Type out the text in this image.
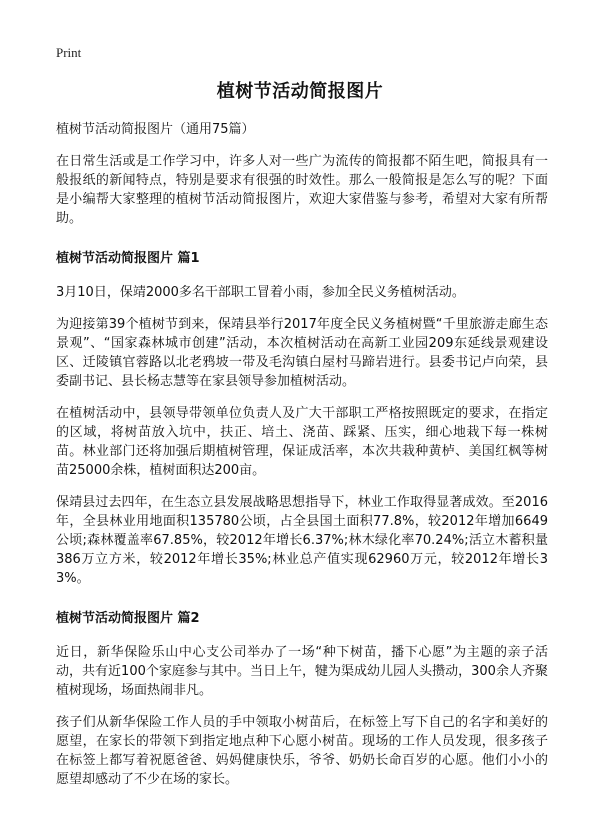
Print

植树节活动简报图片

植树节活动简报图片（通用75篇）

在日常生活或是工作学习中，许多人对一些广为流传的简报都不陌生吧，简报具有一般报纸的新闻特点，特别是要求有很强的时效性。那么一般简报是怎么写的呢？下面是小编帮大家整理的植树节活动简报图片，欢迎大家借鉴与参考，希望对大家有所帮助。

植树节活动简报图片 篇1

3月10日，保靖2000多名干部职工冒着小雨，参加全民义务植树活动。

为迎接第39个植树节到来，保靖县举行2017年度全民义务植树暨“千里旅游走廊生态景观”、“国家森林城市创建”活动，本次植树活动在高新工业园209东延线景观建设区、迁陵镇官蓉路以北老鸦坡一带及毛沟镇白屋村马蹄岩进行。县委书记卢向荣，县委副书记、县长杨志慧等在家县领导参加植树活动。

在植树活动中，县领导带领单位负责人及广大干部职工严格按照既定的要求，在指定的区域，将树苗放入坑中，扶正、培土、浇苗、踩紧、压实，细心地栽下每一株树苗。林业部门还将加强后期植树管理，保证成活率，本次共栽种黄栌、美国红枫等树苗25000余株，植树面积达200亩。

保靖县过去四年，在生态立县发展战略思想指导下，林业工作取得显著成效。至2016年，全县林业用地面积135780公顷，占全县国土面积77.8%，较2012年增加6649公顷;森林覆盖率67.85%，较2012年增长6.37%;林木绿化率70.24%;活立木蓄积量386万立方米，较2012年增长35%;林业总产值实现62960万元，较2012年增长33%。

植树节活动简报图片 篇2

近日，新华保险乐山中心支公司举办了一场“种下树苗，播下心愿”为主题的亲子活动，共有近100个家庭参与其中。当日上午，犍为渠成幼儿园人头攒动，300余人齐聚植树现场，场面热闹非凡。

孩子们从新华保险工作人员的手中领取小树苗后，在标签上写下自己的名字和美好的愿望，在家长的带领下到指定地点种下心愿小树苗。现场的工作人员发现，很多孩子在标签上都写着祝愿爸爸、妈妈健康快乐，爷爷、奶奶长命百岁的心愿。他们小小的愿望却感动了不少在场的家长。
